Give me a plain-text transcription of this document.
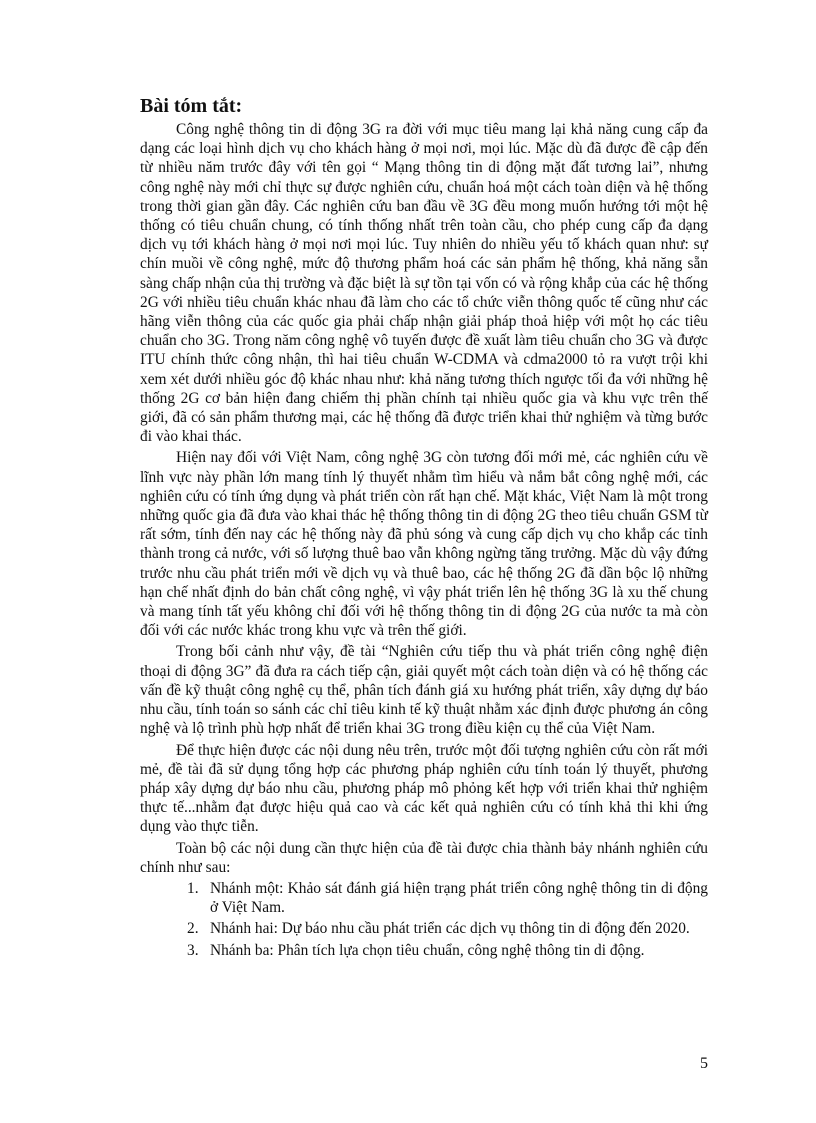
Bài tóm tắt:

Công nghệ thông tin di động 3G ra đời với mục tiêu mang lại khả năng cung cấp đa dạng các loại hình dịch vụ cho khách hàng ở mọi nơi, mọi lúc. Mặc dù đã được đề cập đến từ nhiều năm trước đây với tên gọi “ Mạng thông tin di động mặt đất tương lai”, nhưng công nghệ này mới chỉ thực sự được nghiên cứu, chuẩn hoá một cách toàn diện và hệ thống trong thời gian gần đây. Các nghiên cứu ban đầu về 3G đều mong muốn hướng tới một hệ thống có tiêu chuẩn chung, có tính thống nhất trên toàn cầu, cho phép cung cấp đa dạng dịch vụ tới khách hàng ở mọi nơi mọi lúc. Tuy nhiên do nhiều yếu tố khách quan như: sự chín muồi về công nghệ, mức độ thương phẩm hoá các sản phẩm hệ thống, khả năng sẵn sàng chấp nhận của thị trường và đặc biệt là sự tồn tại vốn có và rộng khắp của các hệ thống 2G với nhiều tiêu chuẩn khác nhau đã làm cho các tổ chức viễn thông quốc tế cũng như các hãng viễn thông của các quốc gia phải chấp nhận giải pháp thoả hiệp với một họ các tiêu chuẩn cho 3G. Trong năm công nghệ vô tuyến được đề xuất làm tiêu chuẩn cho 3G và được ITU chính thức công nhận, thì hai tiêu chuẩn W-CDMA và cdma2000 tỏ ra vượt trội khi xem xét dưới nhiều góc độ khác nhau như: khả năng tương thích ngược tối đa với những hệ thống 2G cơ bản hiện đang chiếm thị phần chính tại nhiều quốc gia và khu vực trên thế giới, đã có sản phẩm thương mại, các hệ thống đã được triển khai thử nghiệm và từng bước đi vào khai thác.

Hiện nay đối với Việt Nam, công nghệ 3G còn tương đối mới mẻ, các nghiên cứu về lĩnh vực này phần lớn mang tính lý thuyết nhằm tìm hiểu và nắm bắt công nghệ mới, các nghiên cứu có tính ứng dụng và phát triển còn rất hạn chế. Mặt khác, Việt Nam là một trong những quốc gia đã đưa vào khai thác hệ thống thông tin di động 2G theo tiêu chuẩn GSM từ rất sớm, tính đến nay các hệ thống này đã phủ sóng và cung cấp dịch vụ cho khắp các tỉnh thành trong cả nước, với số lượng thuê bao vẫn không ngừng tăng trưởng. Mặc dù vậy đứng trước nhu cầu phát triển mới về dịch vụ và thuê bao, các hệ thống 2G đã dần bộc lộ những hạn chế nhất định do bản chất công nghệ, vì vậy phát triển lên hệ thống 3G là xu thế chung và mang tính tất yếu không chỉ đối với hệ thống thông tin di động 2G của nước ta mà còn đối với các nước khác trong khu vực và trên thế giới.

Trong bối cảnh như vậy, đề tài “Nghiên cứu tiếp thu và phát triển công nghệ điện thoại di động 3G” đã đưa ra cách tiếp cận, giải quyết một cách toàn diện và có hệ thống các vấn đề kỹ thuật công nghệ cụ thể, phân tích đánh giá xu hướng phát triển, xây dựng dự báo nhu cầu, tính toán so sánh các chỉ tiêu kinh tế kỹ thuật nhằm xác định được phương án công nghệ và lộ trình phù hợp nhất để triển khai 3G trong điều kiện cụ thể của Việt Nam.

Để thực hiện được các nội dung nêu trên, trước một đối tượng nghiên cứu còn rất mới mẻ, đề tài đã sử dụng tổng hợp các phương pháp nghiên cứu tính toán lý thuyết, phương pháp xây dựng dự báo nhu cầu, phương pháp mô phỏng kết hợp với triển khai thử nghiệm thực tế...nhằm đạt được hiệu quả cao và các kết quả nghiên cứu có tính khả thi khi ứng dụng vào thực tiễn.

Toàn bộ các nội dung cần thực hiện của đề tài được chia thành bảy nhánh nghiên cứu chính như sau:

1. Nhánh một: Khảo sát đánh giá hiện trạng phát triển công nghệ thông tin di động ở Việt Nam.
2. Nhánh hai: Dự báo nhu cầu phát triển các dịch vụ thông tin di động đến 2020.
3. Nhánh ba: Phân tích lựa chọn tiêu chuẩn, công nghệ thông tin di động.
5
